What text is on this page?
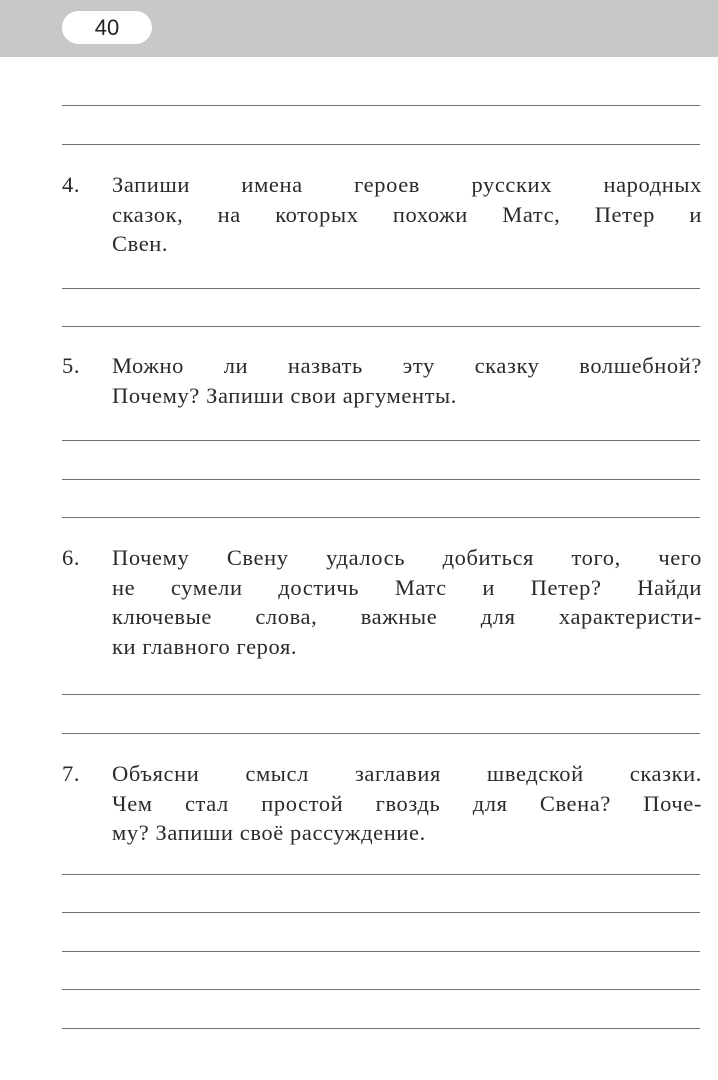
40
4. Запиши имена героев русских народных
сказок, на которых похожи Матс, Петер и
Свен.
5. Можно ли назвать эту сказку волшебной?
Почему? Запиши свои аргументы.
6. Почему Свену удалось добиться того, чего
не сумели достичь Матс и Петер? Найди
ключевые слова, важные для характеристи-
ки главного героя.
7. Объясни смысл заглавия шведской сказки.
Чем стал простой гвоздь для Свена? Поче-
му? Запиши своё рассуждение.
